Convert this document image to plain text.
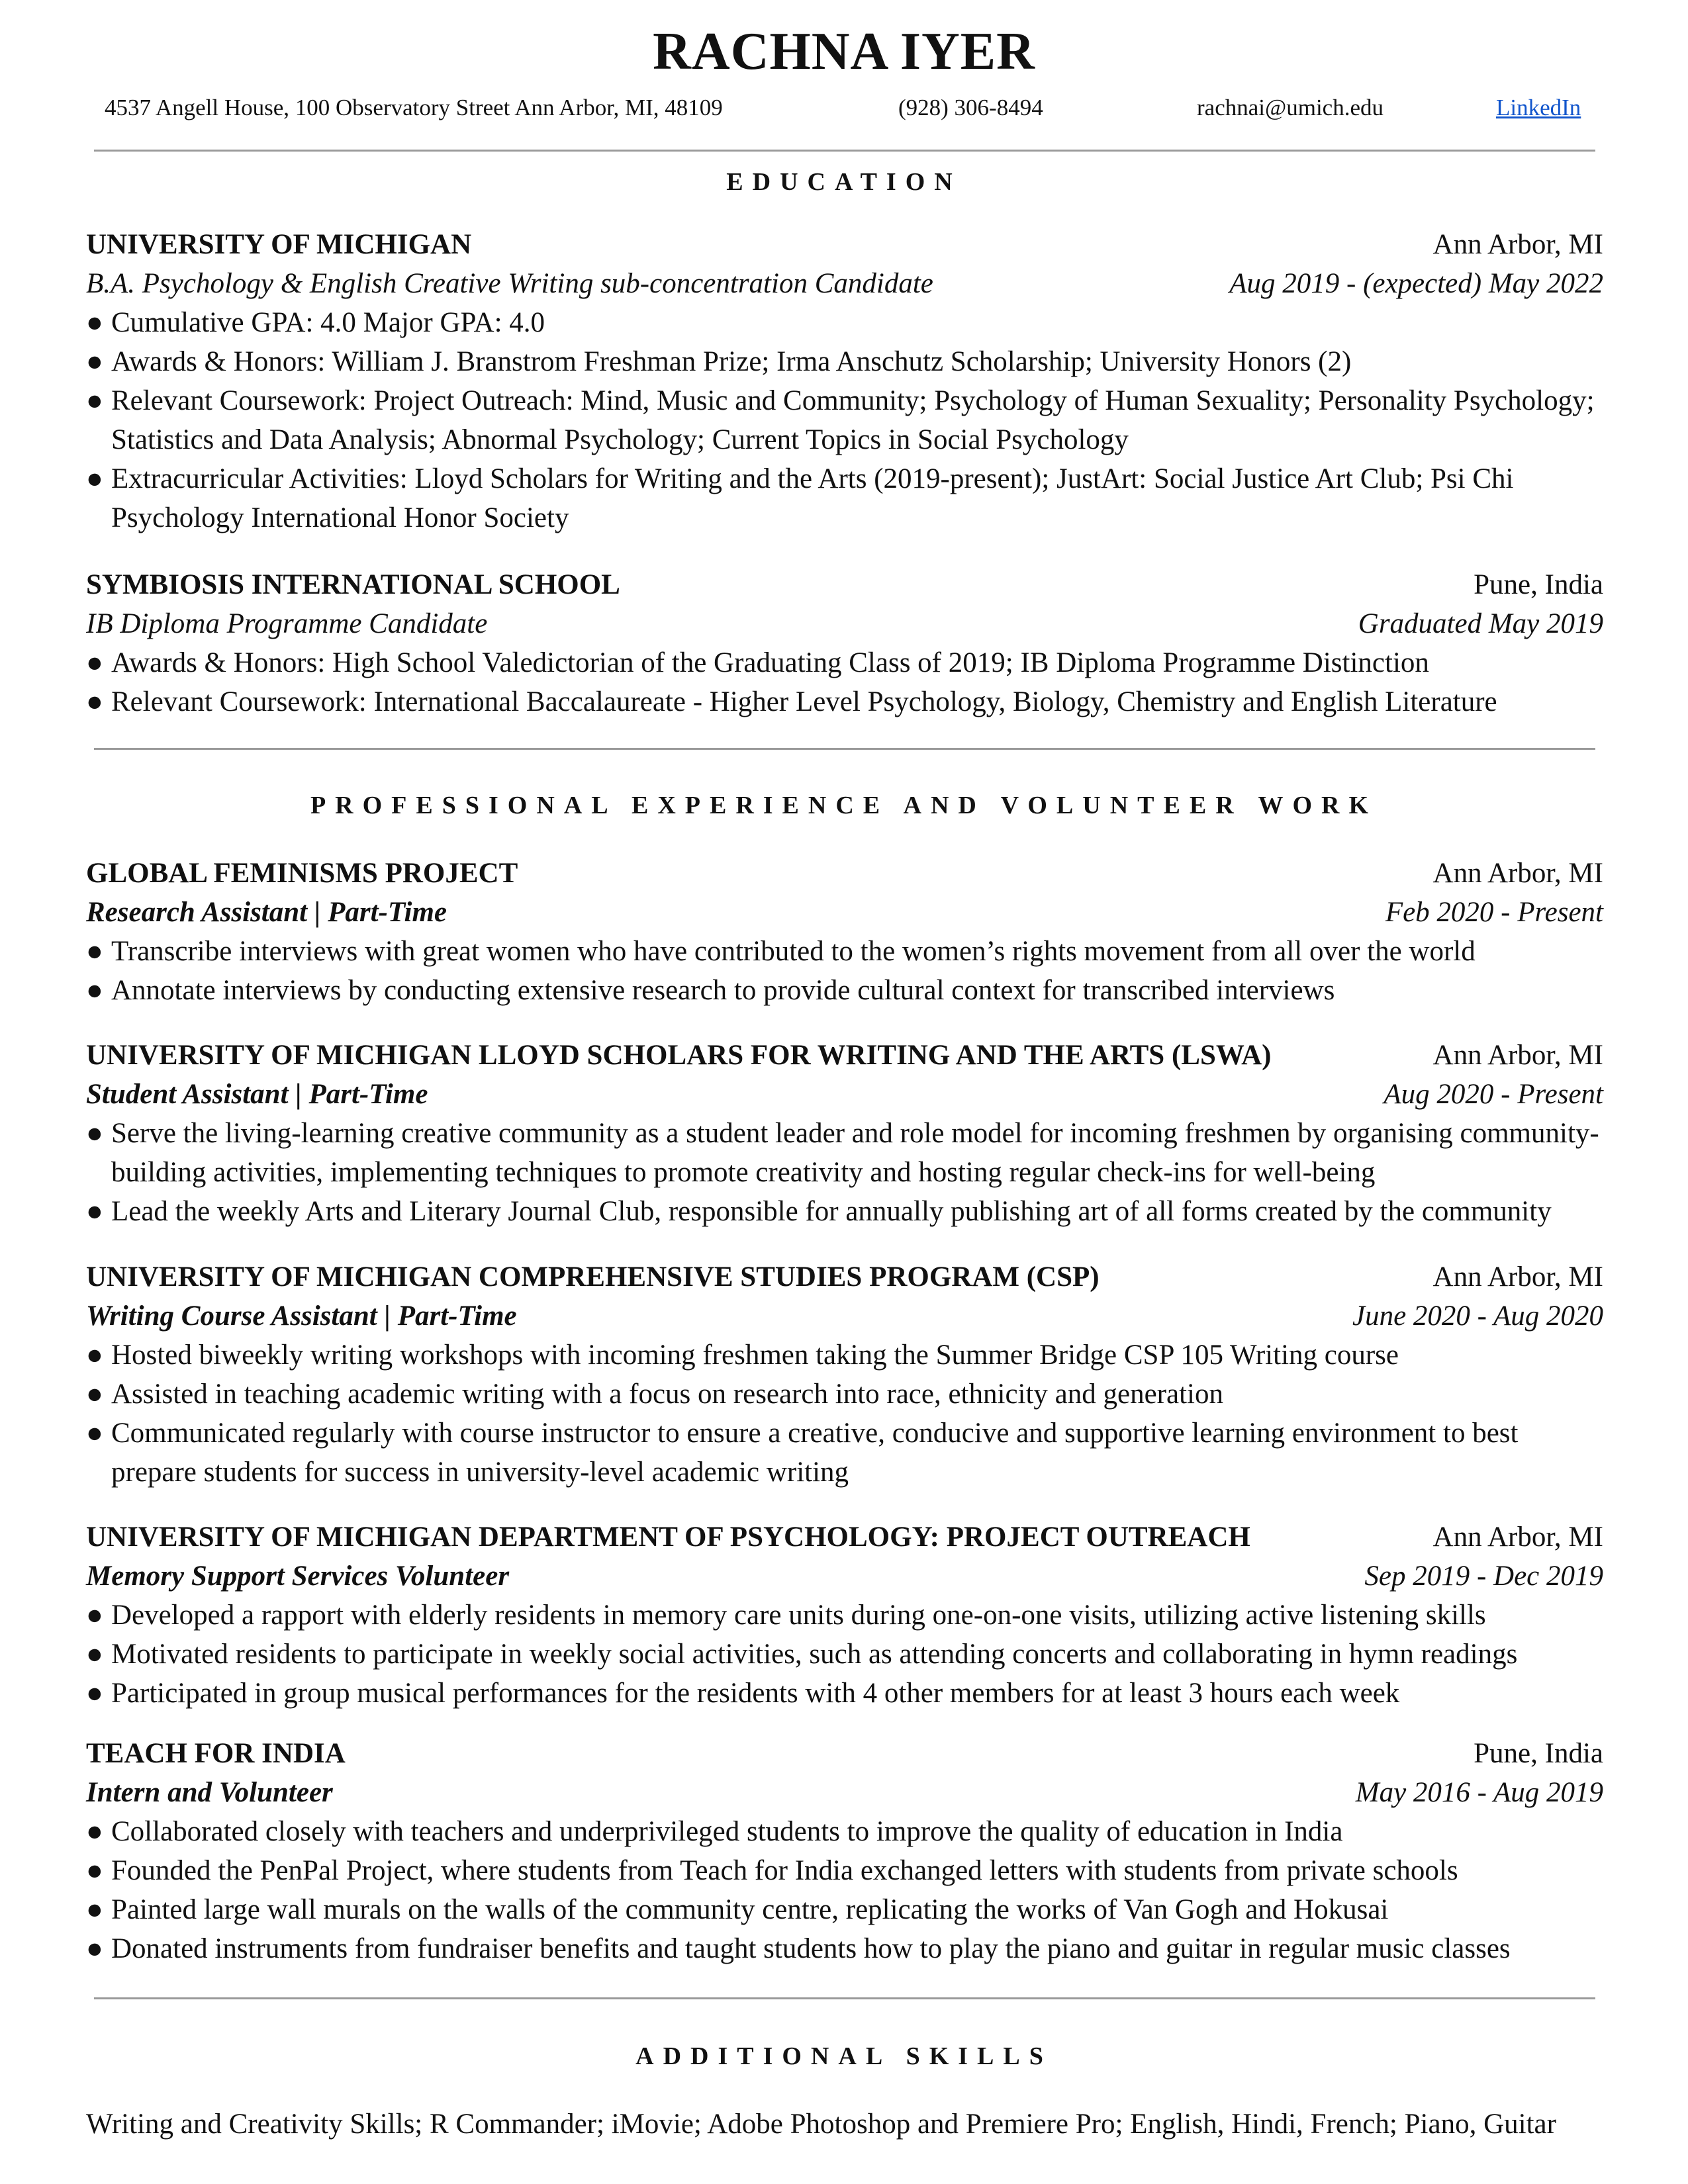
RACHNA IYER
4537 Angell House, 100 Observatory Street Ann Arbor, MI, 48109	(928) 306-8494	rachnai@umich.edu	LinkedIn
EDUCATION
UNIVERSITY OF MICHIGAN	Ann Arbor, MI
B.A. Psychology & English Creative Writing sub-concentration Candidate	Aug 2019 - (expected) May 2022
● Cumulative GPA: 4.0 Major GPA: 4.0
● Awards & Honors: William J. Branstrom Freshman Prize; Irma Anschutz Scholarship; University Honors (2)
● Relevant Coursework: Project Outreach: Mind, Music and Community; Psychology of Human Sexuality; Personality Psychology; Statistics and Data Analysis; Abnormal Psychology; Current Topics in Social Psychology
● Extracurricular Activities: Lloyd Scholars for Writing and the Arts (2019-present); JustArt: Social Justice Art Club; Psi Chi Psychology International Honor Society
SYMBIOSIS INTERNATIONAL SCHOOL	Pune, India
IB Diploma Programme Candidate	Graduated May 2019
● Awards & Honors: High School Valedictorian of the Graduating Class of 2019; IB Diploma Programme Distinction
● Relevant Coursework: International Baccalaureate - Higher Level Psychology, Biology, Chemistry and English Literature
PROFESSIONAL EXPERIENCE AND VOLUNTEER WORK
GLOBAL FEMINISMS PROJECT	Ann Arbor, MI
Research Assistant | Part-Time	Feb 2020 - Present
● Transcribe interviews with great women who have contributed to the women’s rights movement from all over the world
● Annotate interviews by conducting extensive research to provide cultural context for transcribed interviews
UNIVERSITY OF MICHIGAN LLOYD SCHOLARS FOR WRITING AND THE ARTS (LSWA)	Ann Arbor, MI
Student Assistant | Part-Time	Aug 2020 - Present
● Serve the living-learning creative community as a student leader and role model for incoming freshmen by organising community-building activities, implementing techniques to promote creativity and hosting regular check-ins for well-being
● Lead the weekly Arts and Literary Journal Club, responsible for annually publishing art of all forms created by the community
UNIVERSITY OF MICHIGAN COMPREHENSIVE STUDIES PROGRAM (CSP)	Ann Arbor, MI
Writing Course Assistant | Part-Time	June 2020 - Aug 2020
● Hosted biweekly writing workshops with incoming freshmen taking the Summer Bridge CSP 105 Writing course
● Assisted in teaching academic writing with a focus on research into race, ethnicity and generation
● Communicated regularly with course instructor to ensure a creative, conducive and supportive learning environment to best prepare students for success in university-level academic writing
UNIVERSITY OF MICHIGAN DEPARTMENT OF PSYCHOLOGY: PROJECT OUTREACH	Ann Arbor, MI
Memory Support Services Volunteer	Sep 2019 - Dec 2019
● Developed a rapport with elderly residents in memory care units during one-on-one visits, utilizing active listening skills
● Motivated residents to participate in weekly social activities, such as attending concerts and collaborating in hymn readings
● Participated in group musical performances for the residents with 4 other members for at least 3 hours each week
TEACH FOR INDIA	Pune, India
Intern and Volunteer	May 2016 - Aug 2019
● Collaborated closely with teachers and underprivileged students to improve the quality of education in India
● Founded the PenPal Project, where students from Teach for India exchanged letters with students from private schools
● Painted large wall murals on the walls of the community centre, replicating the works of Van Gogh and Hokusai
● Donated instruments from fundraiser benefits and taught students how to play the piano and guitar in regular music classes
ADDITIONAL SKILLS
Writing and Creativity Skills; R Commander; iMovie; Adobe Photoshop and Premiere Pro; English, Hindi, French; Piano, Guitar
